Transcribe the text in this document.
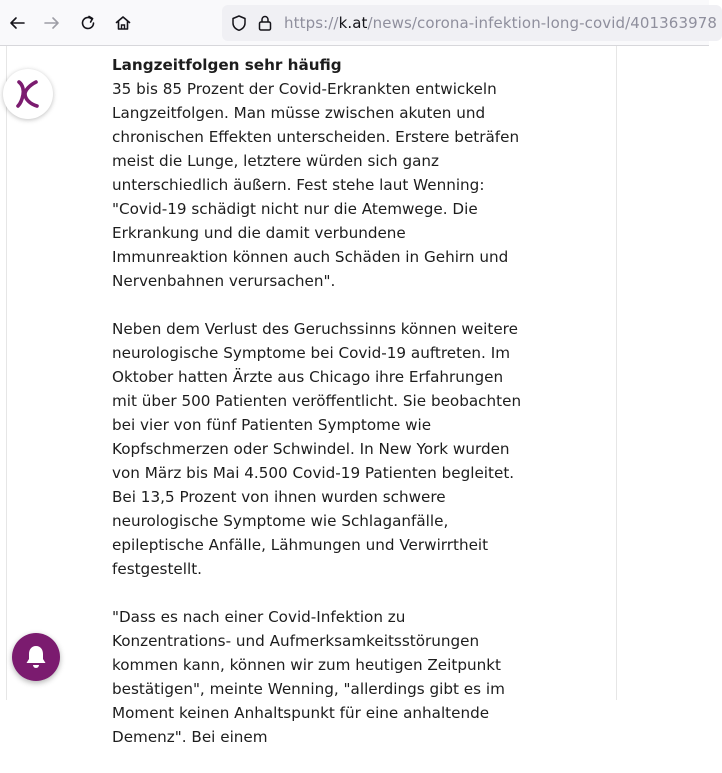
https://k.at/news/corona-infektion-long-covid/401363978
Langzeitfolgen sehr häufig

35 bis 85 Prozent der Covid-Erkrankten entwickeln Langzeitfolgen. Man müsse zwischen akuten und chronischen Effekten unterscheiden. Erstere beträfen meist die Lunge, letztere würden sich ganz unterschiedlich äußern. Fest stehe laut Wenning: "Covid-19 schädigt nicht nur die Atemwege. Die Erkrankung und die damit verbundene Immunreaktion können auch Schäden in Gehirn und Nervenbahnen verursachen".

Neben dem Verlust des Geruchssinns können weitere neurologische Symptome bei Covid-19 auftreten. Im Oktober hatten Ärzte aus Chicago ihre Erfahrungen mit über 500 Patienten veröffentlicht. Sie beobachten bei vier von fünf Patienten Symptome wie Kopfschmerzen oder Schwindel. In New York wurden von März bis Mai 4.500 Covid-19 Patienten begleitet. Bei 13,5 Prozent von ihnen wurden schwere neurologische Symptome wie Schlaganfälle, epileptische Anfälle, Lähmungen und Verwirrtheit festgestellt.

"Dass es nach einer Covid-Infektion zu Konzentrations- und Aufmerksamkeitsstörungen kommen kann, können wir zum heutigen Zeitpunkt bestätigen", meinte Wenning, "allerdings gibt es im Moment keinen Anhaltspunkt für eine anhaltende Demenz". Bei einem
